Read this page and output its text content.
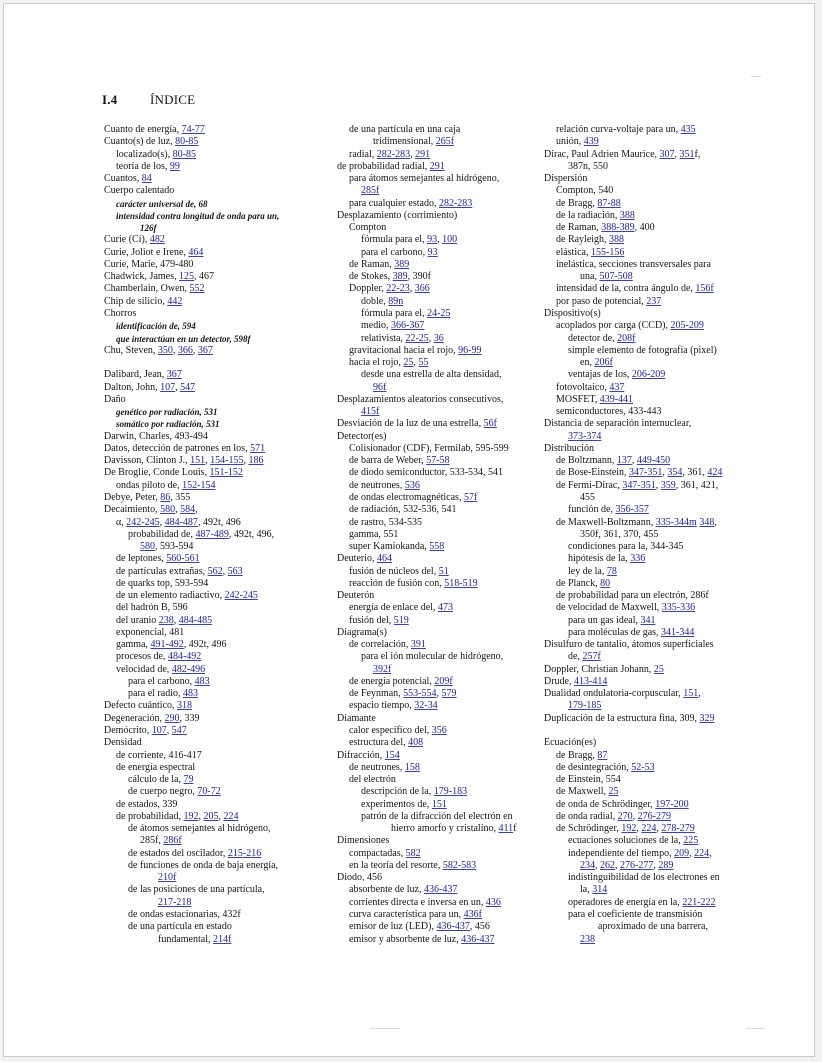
I.4	ÍNDICE
Cuanto de energía, 74-77
Cuanto(s) de luz, 80-85
localizado(s), 80-85
teoría de los, 99
Cuantos, 84
Cuerpo calentado
carácter universal de, 68
intensidad contra longitud de onda para un,
126f
Curie (Ci), 482
Curie, Joliot e Irene, 464
Curie, Marie, 479-480
Chadwick, James, 125, 467
Chamberlain, Owen, 552
Chip de silicio, 442
Chorros
identificación de, 594
que interactúan en un detector, 598f
Chu, Steven, 350, 366, 367
Dalibard, Jean, 367
Dalton, John, 107, 547
Daño
genético por radiación, 531
somático por radiación, 531
Darwin, Charles, 493-494
Datos, detección de patrones en los, 571
Davisson, Clinton J., 151, 154-155, 186
De Broglie, Conde Louis, 151-152
ondas piloto de, 152-154
Debye, Peter, 86, 355
Decaimiento, 580, 584,
α, 242-245, 484-487, 492t, 496
probabilidad de, 487-489, 492t, 496,
580, 593-594
de leptones, 560-561
de partículas extrañas, 562, 563
de quarks top, 593-594
de un elemento radiactivo, 242-245
del hadrón B, 596
del uranio 238, 484-485
exponencial, 481
gamma, 491-492, 492t, 496
procesos de, 484-492
velocidad de, 482-496
para el carbono, 483
para el radio, 483
Defecto cuántico, 318
Degeneración, 290, 339
Demócrito, 107, 547
Densidad
de corriente, 416-417
de energía espectral
cálculo de la, 79
de cuerpo negro, 70-72
de estados, 339
de probabilidad, 192, 205, 224
de átomos semejantes al hidrógeno,
285f, 286f
de estados del oscilador, 215-216
de funciones de onda de baja energía,
210f
de las posiciones de una partícula,
217-218
de ondas estacionarias, 432f
de una partícula en estado
fundamental, 214f
de una partícula en una caja
tridimensional, 265f
radial, 282-283, 291
de probabilidad radial, 291
para átomos semejantes al hidrógeno,
285f
para cualquier estado, 282-283
Desplazamiento (corrimiento)
Compton
fórmula para el, 93, 100
para el carbono, 93
de Raman, 389
de Stokes, 389, 390f
Doppler, 22-23, 366
doble, 89n
fórmula para el, 24-25
medio, 366-367
relativista, 22-25, 36
gravitacional hacia el rojo, 96-99
hacia el rojo, 25, 55
desde una estrella de alta densidad,
96f
Desplazamientos aleatorios consecutivos,
415f
Desviación de la luz de una estrella, 56f
Detector(es)
Colisionador (CDF), Fermilab, 595-599
de barra de Weber, 57-58
de diodo semiconductor, 533-534, 541
de neutrones, 536
de ondas electromagnéticas, 57f
de radiación, 532-536, 541
de rastro, 534-535
gamma, 551
super Kamiokanda, 558
Deuterio, 464
fusión de núcleos del, 51
reacción de fusión con, 518-519
Deuterón
energía de enlace del, 473
fusión del, 519
Diagrama(s)
de correlación, 391
para el ión molecular de hidrógeno,
392f
de energía potencial, 209f
de Feynman, 553-554, 579
espacio tiempo, 32-34
Diamante
calor específico del, 356
estructura del, 408
Difracción, 154
de neutrones, 158
del electrón
descripción de la, 179-183
experimentos de, 151
patrón de la difracción del electrón en
hierro amorfo y cristalino, 411f
Dimensiones
compactadas, 582
en la teoría del resorte, 582-583
Diodo, 456
absorbente de luz, 436-437
corrientes directa e inversa en un, 436
curva característica para un, 436f
emisor de luz (LED), 436-437, 456
emisor y absorbente de luz, 436-437
relación curva-voltaje para un, 435
unión, 439
Dirac, Paul Adrien Maurice, 307, 351f,
387n, 550
Dispersión
Compton, 540
de Bragg, 87-88
de la radiación, 388
de Raman, 388-389, 400
de Rayleigh, 388
elástica, 155-156
inelástica, secciones transversales para
una, 507-508
intensidad de la, contra ángulo de, 156f
por paso de potencial, 237
Dispositivo(s)
acoplados por carga (CCD), 205-209
detector de, 208f
simple elemento de fotografía (pixel)
en, 206f
ventajas de los, 206-209
fotovoltaico, 437
MOSFET, 439-441
semiconductores, 433-443
Distancia de separación internuclear,
373-374
Distribución
de Boltzmann, 137, 449-450
de Bose-Einstein, 347-351, 354, 361, 424
de Fermi-Dirac, 347-351, 359, 361, 421,
455
función de, 356-357
de Maxwell-Boltzmann, 335-344m 348,
350f, 361, 370, 455
condiciones para la, 344-345
hipótesis de la, 336
ley de la, 78
de Planck, 80
de probabilidad para un electrón, 286f
de velocidad de Maxwell, 335-336
para un gas ideal, 341
para moléculas de gas, 341-344
Disulfuro de tantalio, átomos superficiales
de, 257f
Doppler, Christian Johann, 25
Drude, 413-414
Dualidad ondulatoria-corpuscular, 151,
179-185
Duplicación de la estructura fina, 309, 329
Ecuación(es)
de Bragg, 87
de desintegración, 52-53
de Einstein, 554
de Maxwell, 25
de onda de Schrödinger, 197-200
de onda radial, 270, 276-279
de Schrödinger, 192, 224, 278-279
ecuaciones soluciones de la, 225
independiente del tiempo, 209, 224,
234, 262, 276-277, 289
indistinguibilidad de los electrones en
la, 314
operadores de energía en la, 221-222
para el coeficiente de transmisión
aproximado de una barrera,
238
